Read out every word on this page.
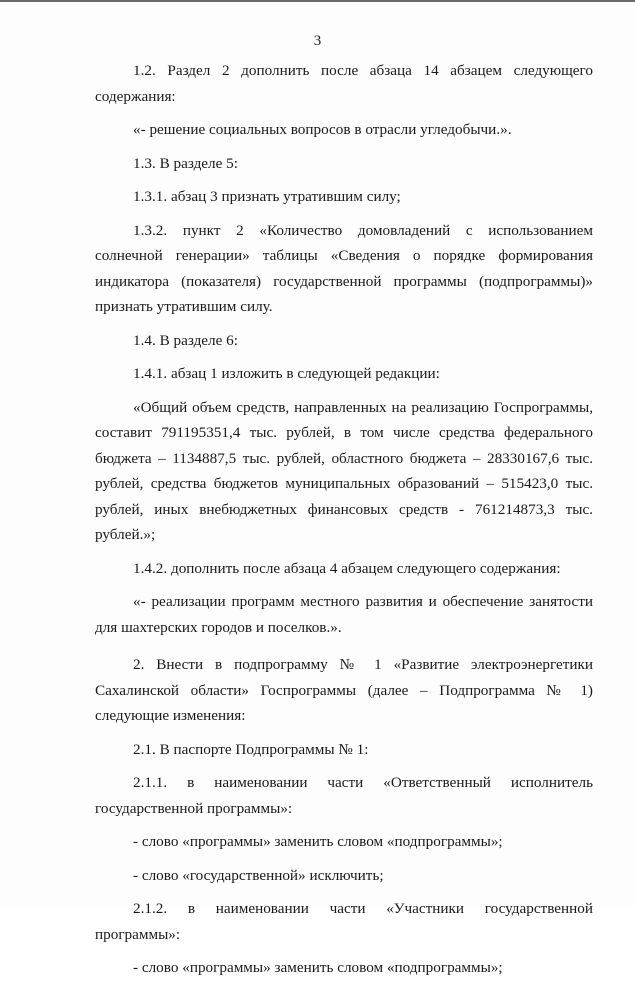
3

1.2. Раздел 2 дополнить после абзаца 14 абзацем следующего содержания:

«- решение социальных вопросов в отрасли угледобычи.».

1.3. В разделе 5:

1.3.1. абзац 3 признать утратившим силу;

1.3.2. пункт 2 «Количество домовладений с использованием солнечной генерации» таблицы «Сведения о порядке формирования индикатора (показателя) государственной программы (подпрограммы)» признать утратившим силу.

1.4. В разделе 6:

1.4.1. абзац 1 изложить в следующей редакции:

«Общий объем средств, направленных на реализацию Госпрограммы, составит 791195351,4 тыс. рублей, в том числе средства федерального бюджета – 1134887,5 тыс. рублей, областного бюджета – 28330167,6 тыс. рублей, средства бюджетов муниципальных образований – 515423,0 тыс. рублей, иных внебюджетных финансовых средств - 761214873,3 тыс. рублей.»;

1.4.2. дополнить после абзаца 4 абзацем следующего содержания:

«- реализации программ местного развития и обеспечение занятости для шахтерских городов и поселков.».

2. Внести в подпрограмму № 1 «Развитие электроэнергетики Сахалинской области» Госпрограммы (далее – Подпрограмма № 1) следующие изменения:

2.1. В паспорте Подпрограммы № 1:

2.1.1. в наименовании части «Ответственный исполнитель государственной программы»:

- слово «программы» заменить словом «подпрограммы»;

- слово «государственной» исключить;

2.1.2. в наименовании части «Участники государственной программы»:

- слово «программы» заменить словом «подпрограммы»;
